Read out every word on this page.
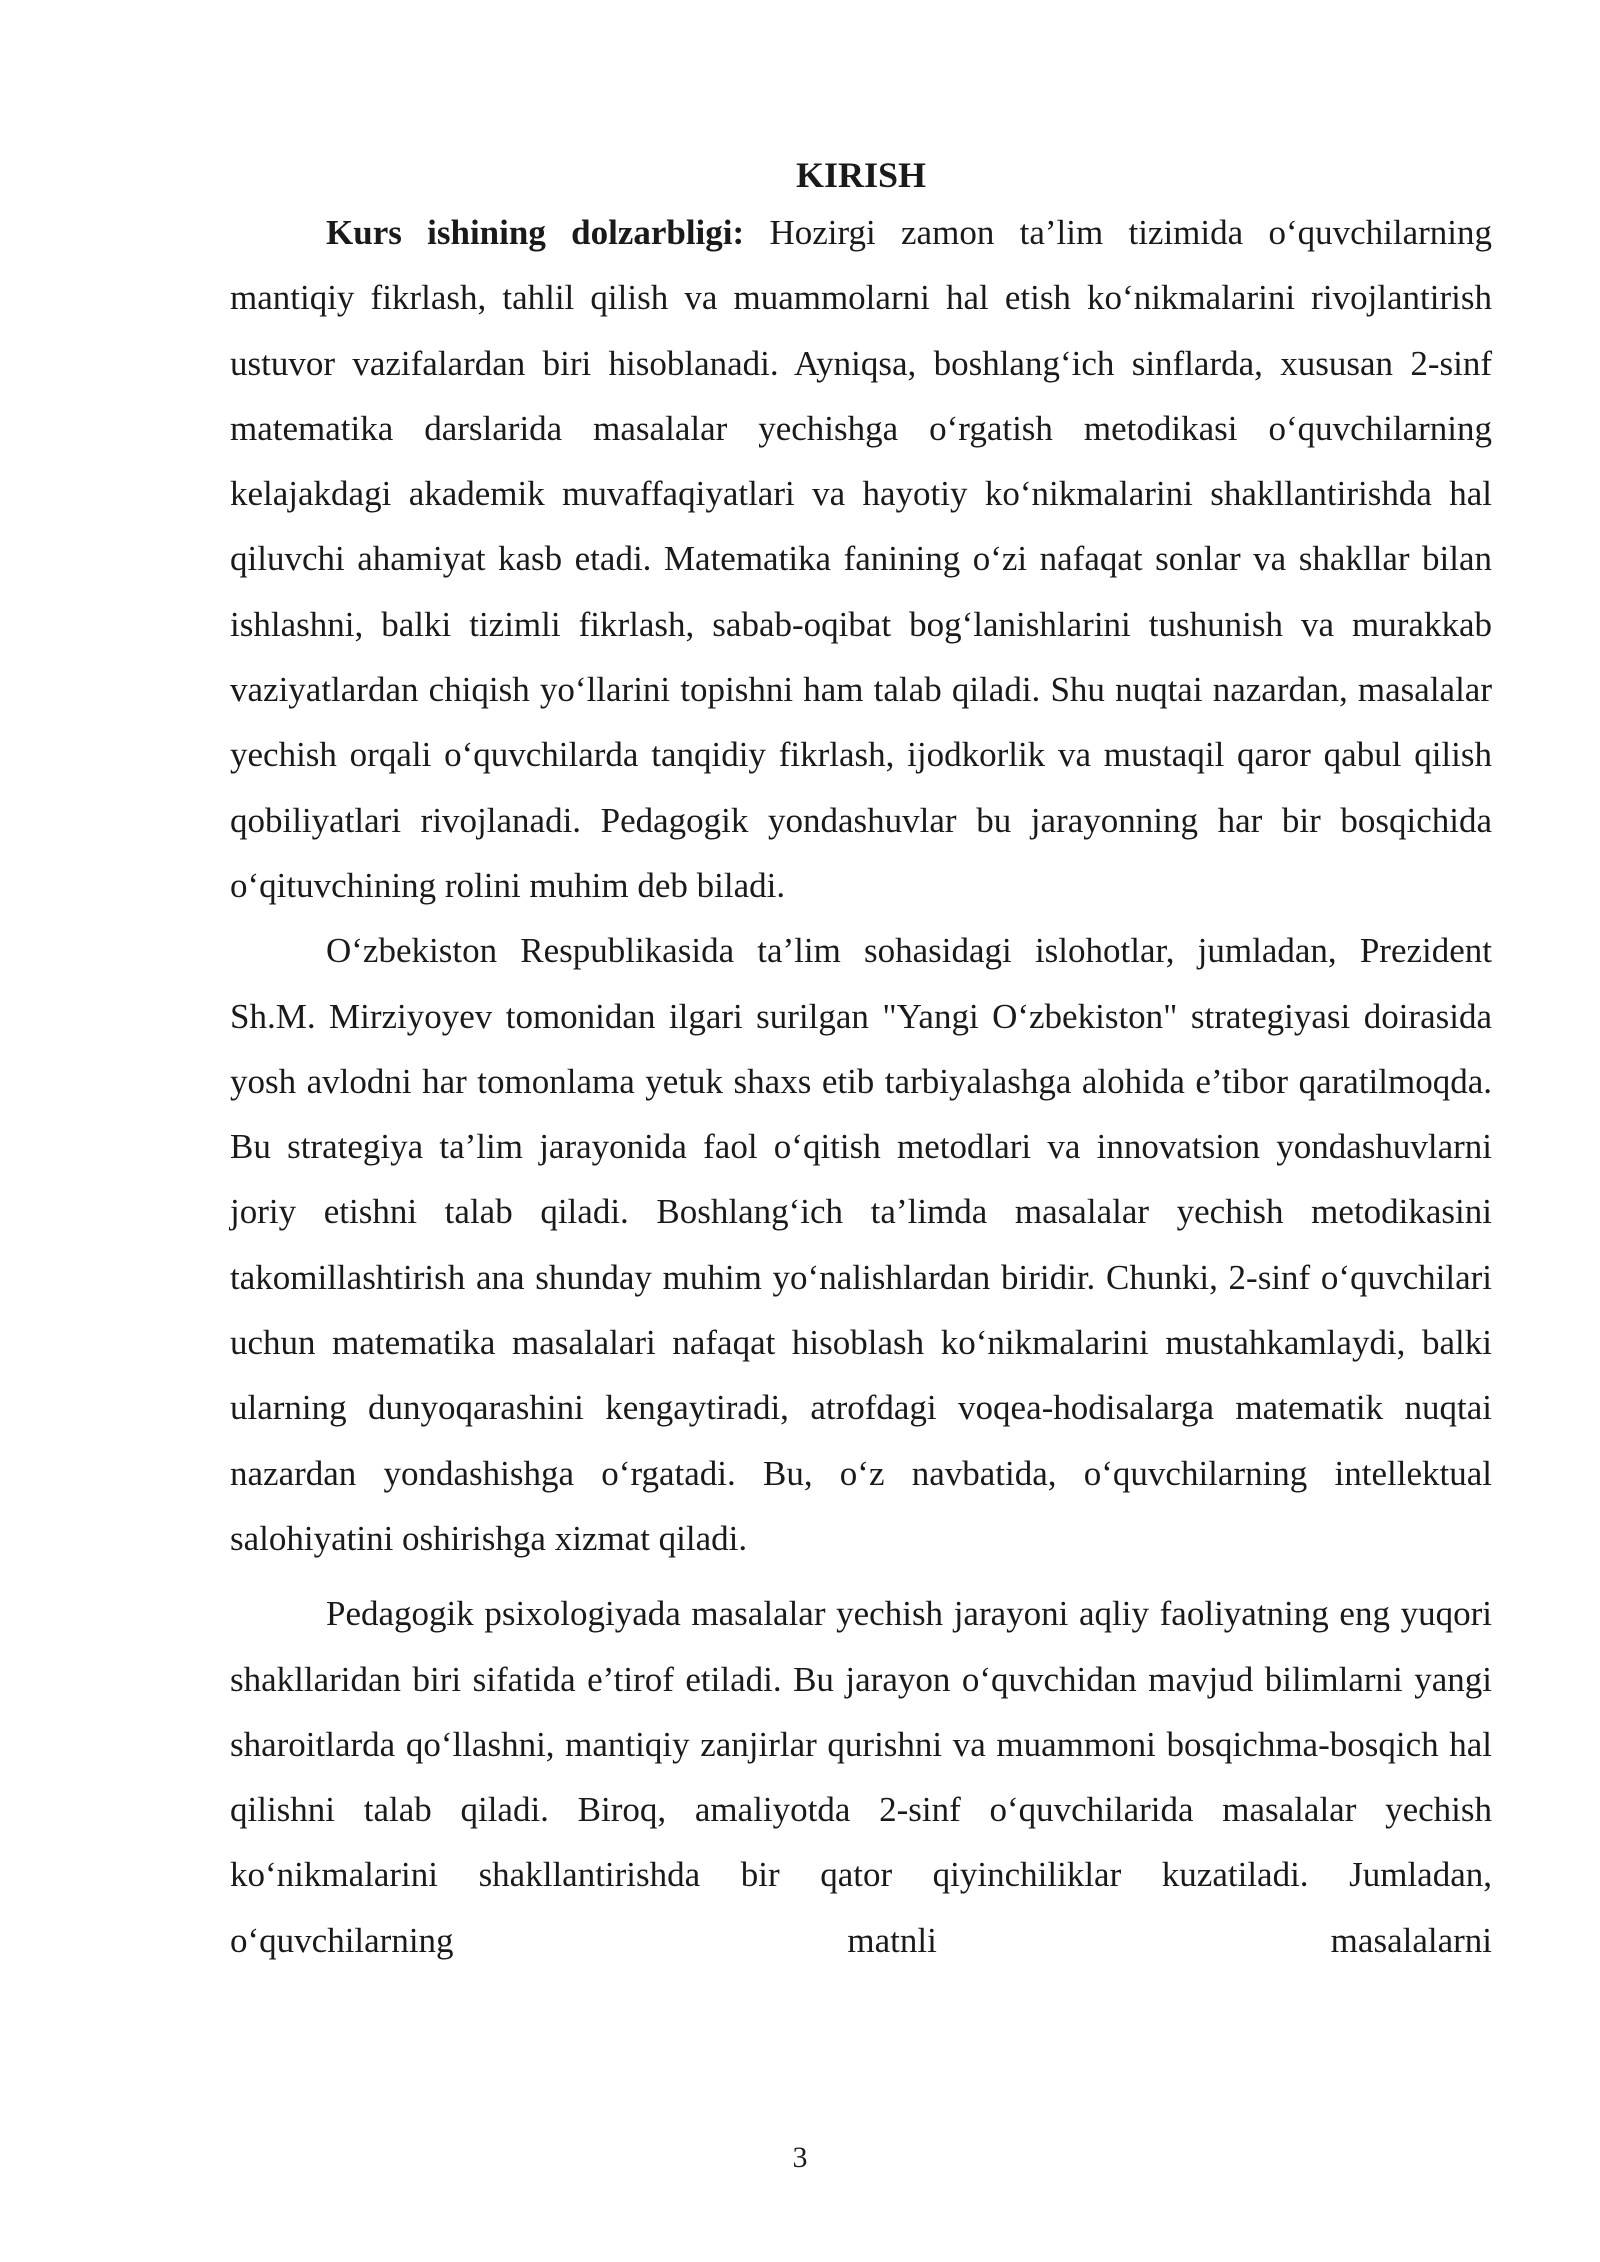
KIRISH

Kurs ishining dolzarbligi: Hozirgi zamon ta’lim tizimida o‘quvchilarning mantiqiy fikrlash, tahlil qilish va muammolarni hal etish ko‘nikmalarini rivojlantirish ustuvor vazifalardan biri hisoblanadi. Ayniqsa, boshlang‘ich sinflarda, xususan 2-sinf matematika darslarida masalalar yechishga o‘rgatish metodikasi o‘quvchilarning kelajakdagi akademik muvaffaqiyatlari va hayotiy ko‘nikmalarini shakllantirishda hal qiluvchi ahamiyat kasb etadi. Matematika fanining o‘zi nafaqat sonlar va shakllar bilan ishlashni, balki tizimli fikrlash, sabab-oqibat bog‘lanishlarini tushunish va murakkab vaziyatlardan chiqish yo‘llarini topishni ham talab qiladi. Shu nuqtai nazardan, masalalar yechish orqali o‘quvchilarda tanqidiy fikrlash, ijodkorlik va mustaqil qaror qabul qilish qobiliyatlari rivojlanadi. Pedagogik yondashuvlar bu jarayonning har bir bosqichida o‘qituvchining rolini muhim deb biladi.

O‘zbekiston Respublikasida ta’lim sohasidagi islohotlar, jumladan, Prezident Sh.M. Mirziyoyev tomonidan ilgari surilgan "Yangi O‘zbekiston" strategiyasi doirasida yosh avlodni har tomonlama yetuk shaxs etib tarbiyalashga alohida e’tibor qaratilmoqda. Bu strategiya ta’lim jarayonida faol o‘qitish metodlari va innovatsion yondashuvlarni joriy etishni talab qiladi. Boshlang‘ich ta’limda masalalar yechish metodikasini takomillashtirish ana shunday muhim yo‘nalishlardan biridir. Chunki, 2-sinf o‘quvchilari uchun matematika masalalari nafaqat hisoblash ko‘nikmalarini mustahkamlaydi, balki ularning dunyoqarashini kengaytiradi, atrofdagi voqea-hodisalarga matematik nuqtai nazardan yondashishga o‘rgatadi. Bu, o‘z navbatida, o‘quvchilarning intellektual salohiyatini oshirishga xizmat qiladi.

Pedagogik psixologiyada masalalar yechish jarayoni aqliy faoliyatning eng yuqori shakllaridan biri sifatida e’tirof etiladi. Bu jarayon o‘quvchidan mavjud bilimlarni yangi sharoitlarda qo‘llashni, mantiqiy zanjirlar qurishni va muammoni bosqichma-bosqich hal qilishni talab qiladi. Biroq, amaliyotda 2-sinf o‘quvchilarida masalalar yechish ko‘nikmalarini shakllantirishda bir qator qiyinchiliklar kuzatiladi. Jumladan, o‘quvchilarning matnli masalalarni

3
